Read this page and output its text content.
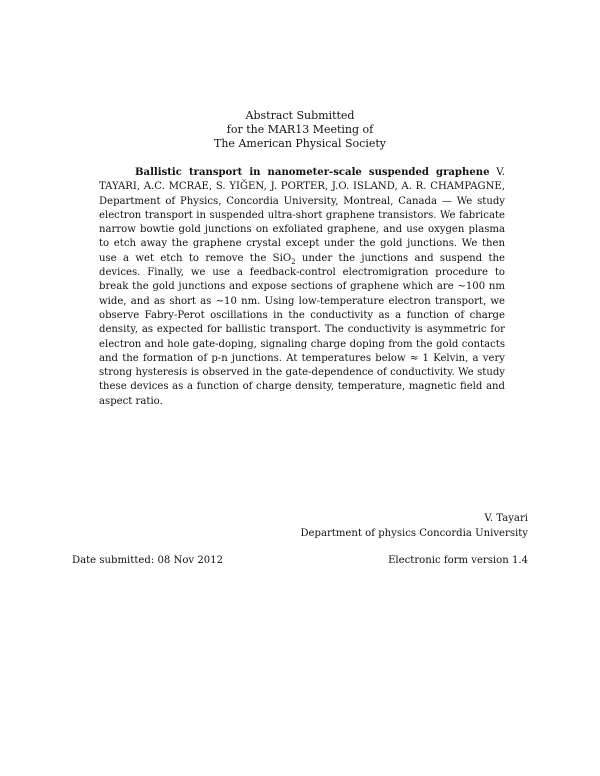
Abstract Submitted
for the MAR13 Meeting of
The American Physical Society
Ballistic transport in nanometer-scale suspended graphene V. TAYARI, A.C. MCRAE, S. YIĞEN, J. PORTER, J.O. ISLAND, A. R. CHAMPAGNE, Department of Physics, Concordia University, Montreal, Canada — We study electron transport in suspended ultra-short graphene transistors. We fabricate narrow bowtie gold junctions on exfoliated graphene, and use oxygen plasma to etch away the graphene crystal except under the gold junctions. We then use a wet etch to remove the SiO$_2$ under the junctions and suspend the devices. Finally, we use a feedback-control electromigration procedure to break the gold junctions and expose sections of graphene which are ∼100 nm wide, and as short as ∼10 nm. Using low-temperature electron transport, we observe Fabry-Perot oscillations in the conductivity as a function of charge density, as expected for ballistic transport. The conductivity is asymmetric for electron and hole gate-doping, signaling charge doping from the gold contacts and the formation of p-n junctions. At temperatures below ≈ 1 Kelvin, a very strong hysteresis is observed in the gate-dependence of conductivity. We study these devices as a function of charge density, temperature, magnetic field and aspect ratio.
V. Tayari
Department of physics Concordia University
Date submitted: 08 Nov 2012	Electronic form version 1.4
